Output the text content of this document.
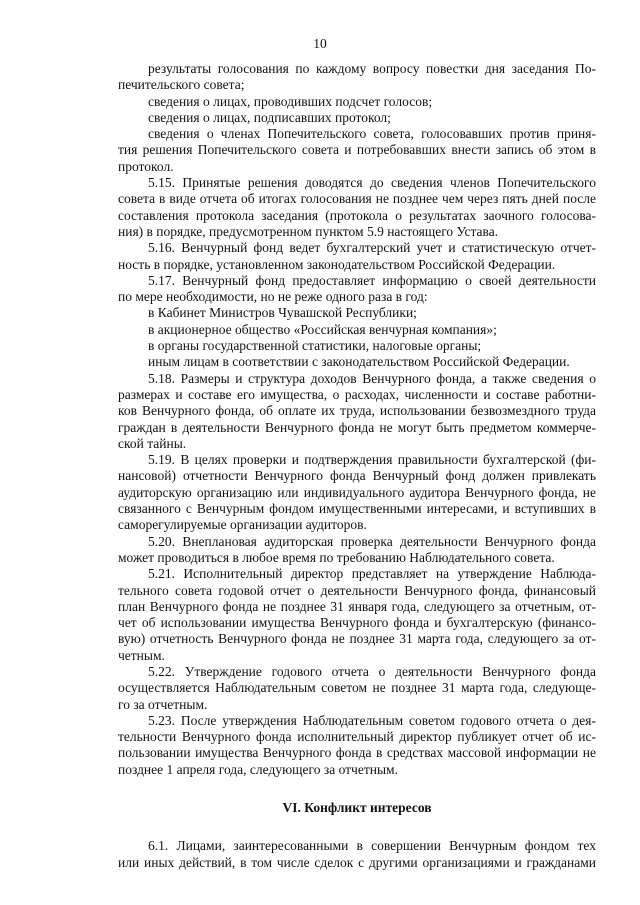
10
результаты голосования по каждому вопросу повестки дня заседания По-
печительского совета;
сведения о лицах, проводивших подсчет голосов;
сведения о лицах, подписавших протокол;
сведения о членах Попечительского совета, голосовавших против приня-
тия решения Попечительского совета и потребовавших внести запись об этом в
протокол.
5.15. Принятые решения доводятся до сведения членов Попечительского
совета в виде отчета об итогах голосования не позднее чем через пять дней после
составления протокола заседания (протокола о результатах заочного голосова-
ния) в порядке, предусмотренном пунктом 5.9 настоящего Устава.
5.16. Венчурный фонд ведет бухгалтерский учет и статистическую отчет-
ность в порядке, установленном законодательством Российской Федерации.
5.17. Венчурный фонд предоставляет информацию о своей деятельности
по мере необходимости, но не реже одного раза в год:
в Кабинет Министров Чувашской Республики;
в акционерное общество «Российская венчурная компания»;
в органы государственной статистики, налоговые органы;
иным лицам в соответствии с законодательством Российской Федерации.
5.18. Размеры и структура доходов Венчурного фонда, а также сведения о
размерах и составе его имущества, о расходах, численности и составе работни-
ков Венчурного фонда, об оплате их труда, использовании безвозмездного труда
граждан в деятельности Венчурного фонда не могут быть предметом коммерче-
ской тайны.
5.19. В целях проверки и подтверждения правильности бухгалтерской (фи-
нансовой) отчетности Венчурного фонда Венчурный фонд должен привлекать
аудиторскую организацию или индивидуального аудитора Венчурного фонда, не
связанного с Венчурным фондом имущественными интересами, и вступивших в
саморегулируемые организации аудиторов.
5.20. Внеплановая аудиторская проверка деятельности Венчурного фонда
может проводиться в любое время по требованию Наблюдательного совета.
5.21. Исполнительный директор представляет на утверждение Наблюда-
тельного совета годовой отчет о деятельности Венчурного фонда, финансовый
план Венчурного фонда не позднее 31 января года, следующего за отчетным, от-
чет об использовании имущества Венчурного фонда и бухгалтерскую (финансо-
вую) отчетность Венчурного фонда не позднее 31 марта года, следующего за от-
четным.
5.22. Утверждение годового отчета о деятельности Венчурного фонда
осуществляется Наблюдательным советом не позднее 31 марта года, следующе-
го за отчетным.
5.23. После утверждения Наблюдательным советом годового отчета о дея-
тельности Венчурного фонда исполнительный директор публикует отчет об ис-
пользовании имущества Венчурного фонда в средствах массовой информации не
позднее 1 апреля года, следующего за отчетным.
VI. Конфликт интересов
6.1. Лицами, заинтересованными в совершении Венчурным фондом тех
или иных действий, в том числе сделок с другими организациями и гражданами
